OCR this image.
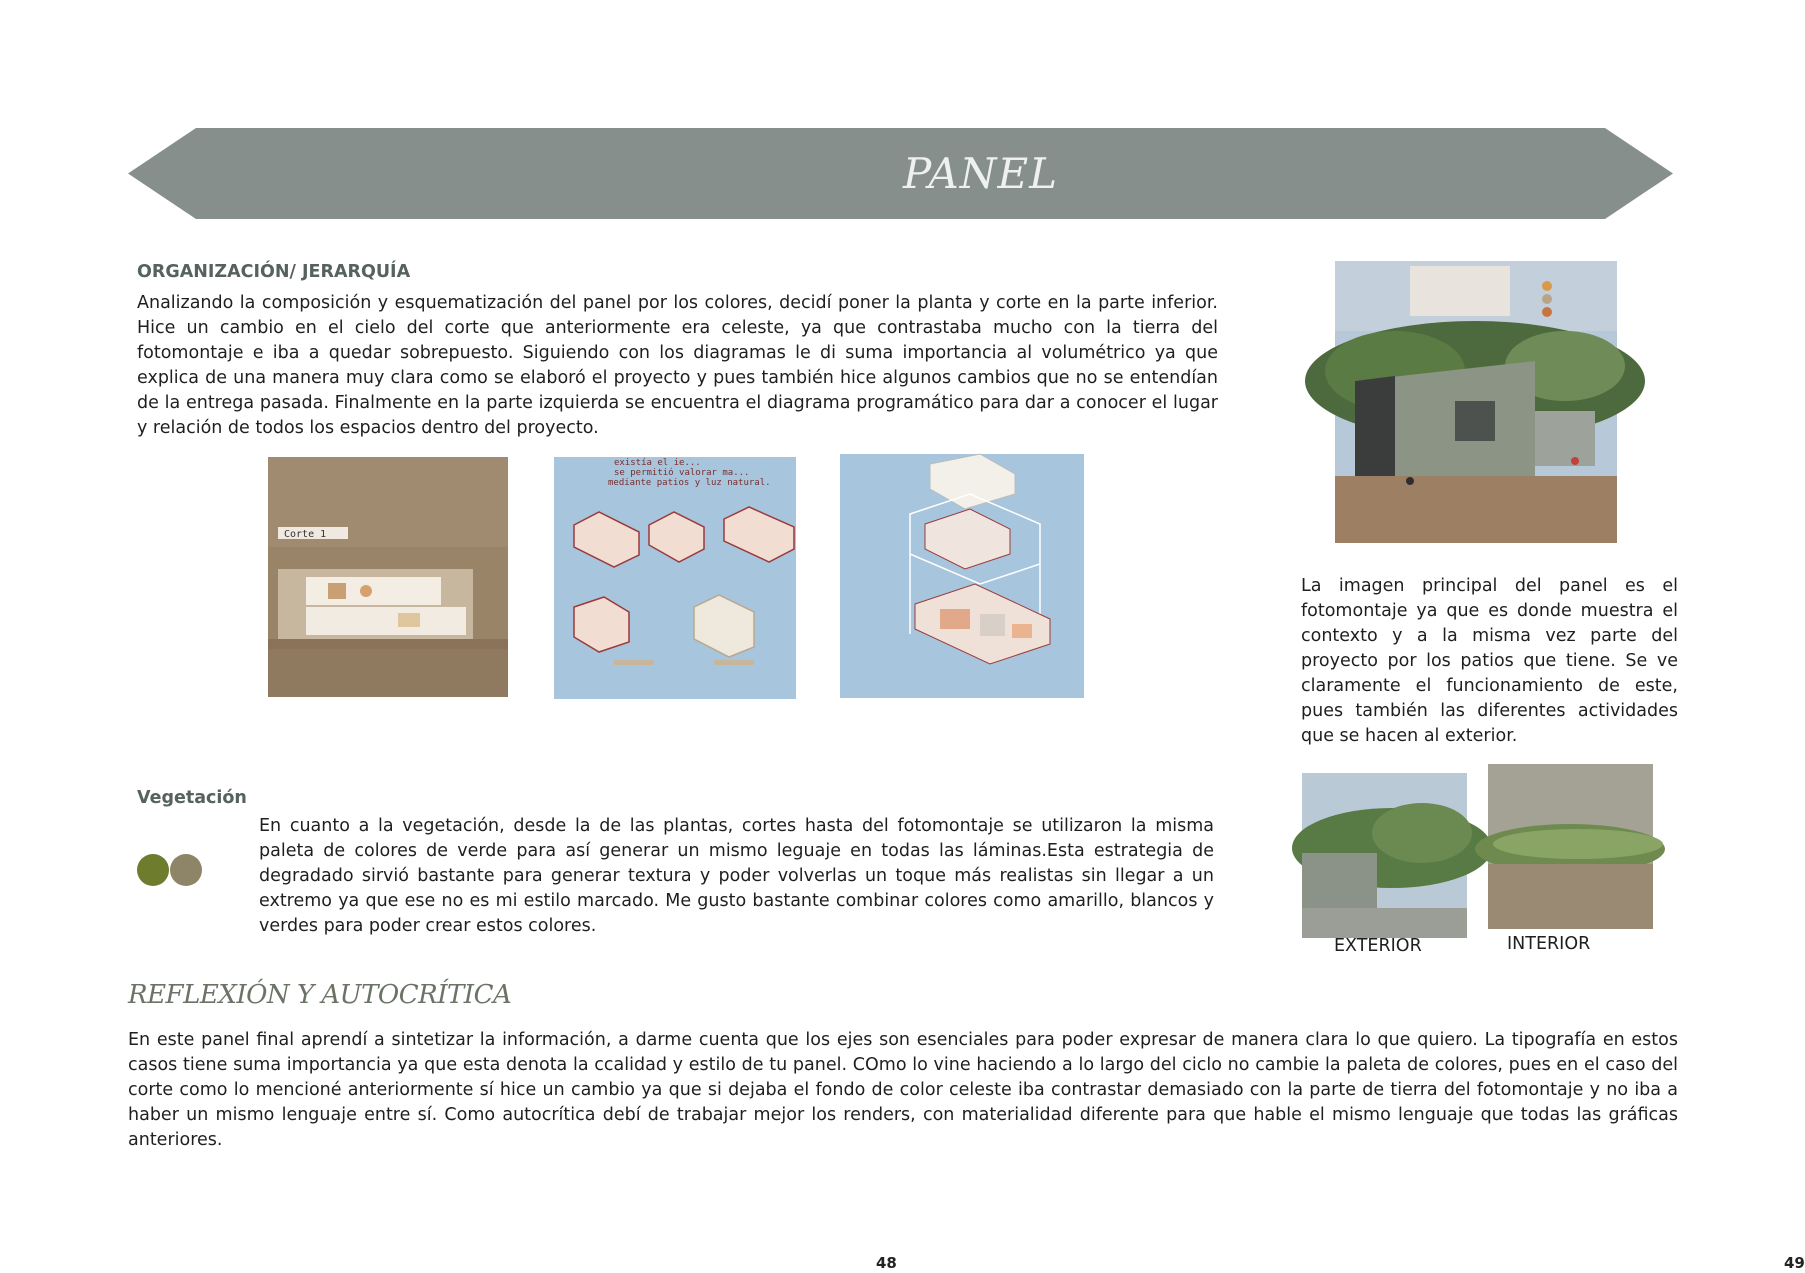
PANEL
ORGANIZACIÓN/ JERARQUÍA

Analizando la composición y esquematización del panel por los colores, decidí poner la planta y corte en la parte inferior. Hice un cambio en el cielo del corte que anteriormente era celeste, ya que contrastaba mucho con la tierra del fotomontaje e iba a quedar sobrepuesto. Siguiendo con los diagramas le di suma importancia al volumétrico ya que explica de una manera muy clara como se elaboró el proyecto y pues también hice algunos cambios que no se entendían de la entrega pasada. Finalmente en la parte izquierda se encuentra el diagrama programático para dar a conocer el lugar y relación de todos los espacios dentro del proyecto.

Corte 1
existía el ie...
se permitió valorar ma...
mediante patios y luz natural.

La imagen principal del panel es el fotomontaje ya que es donde muestra el contexto y a la misma vez parte del proyecto por los patios que tiene. Se ve claramente el funcionamiento de este, pues también las diferentes actividades que se hacen al exterior.

Vegetación

En cuanto a la vegetación, desde la de las plantas, cortes hasta del fotomontaje se utilizaron la misma paleta de colores de verde para así generar un mismo leguaje en todas las láminas.Esta estrategia de degradado sirvió bastante para generar textura y poder volverlas un toque más realistas sin llegar a un extremo ya que ese no es mi estilo marcado. Me gusto bastante combinar colores como amarillo, blancos y verdes para poder crear estos colores.

EXTERIOR	INTERIOR
REFLEXIÓN Y AUTOCRÍTICA

En este panel final aprendí a sintetizar la información, a darme cuenta que los ejes son esenciales para poder expresar de manera clara lo que quiero. La tipografía en estos casos tiene suma importancia ya que esta denota la ccalidad y estilo de tu panel. COmo lo vine haciendo a lo largo del ciclo no cambie la paleta de colores, pues en el caso del corte como lo mencioné anteriormente sí hice un cambio ya que si dejaba el fondo de color celeste iba contrastar demasiado con la parte de tierra del fotomontaje y no iba a haber un mismo lenguaje entre sí. Como autocrítica debí de trabajar mejor los renders, con materialidad diferente para que hable el mismo lenguaje que todas las gráficas anteriores.

48	49
